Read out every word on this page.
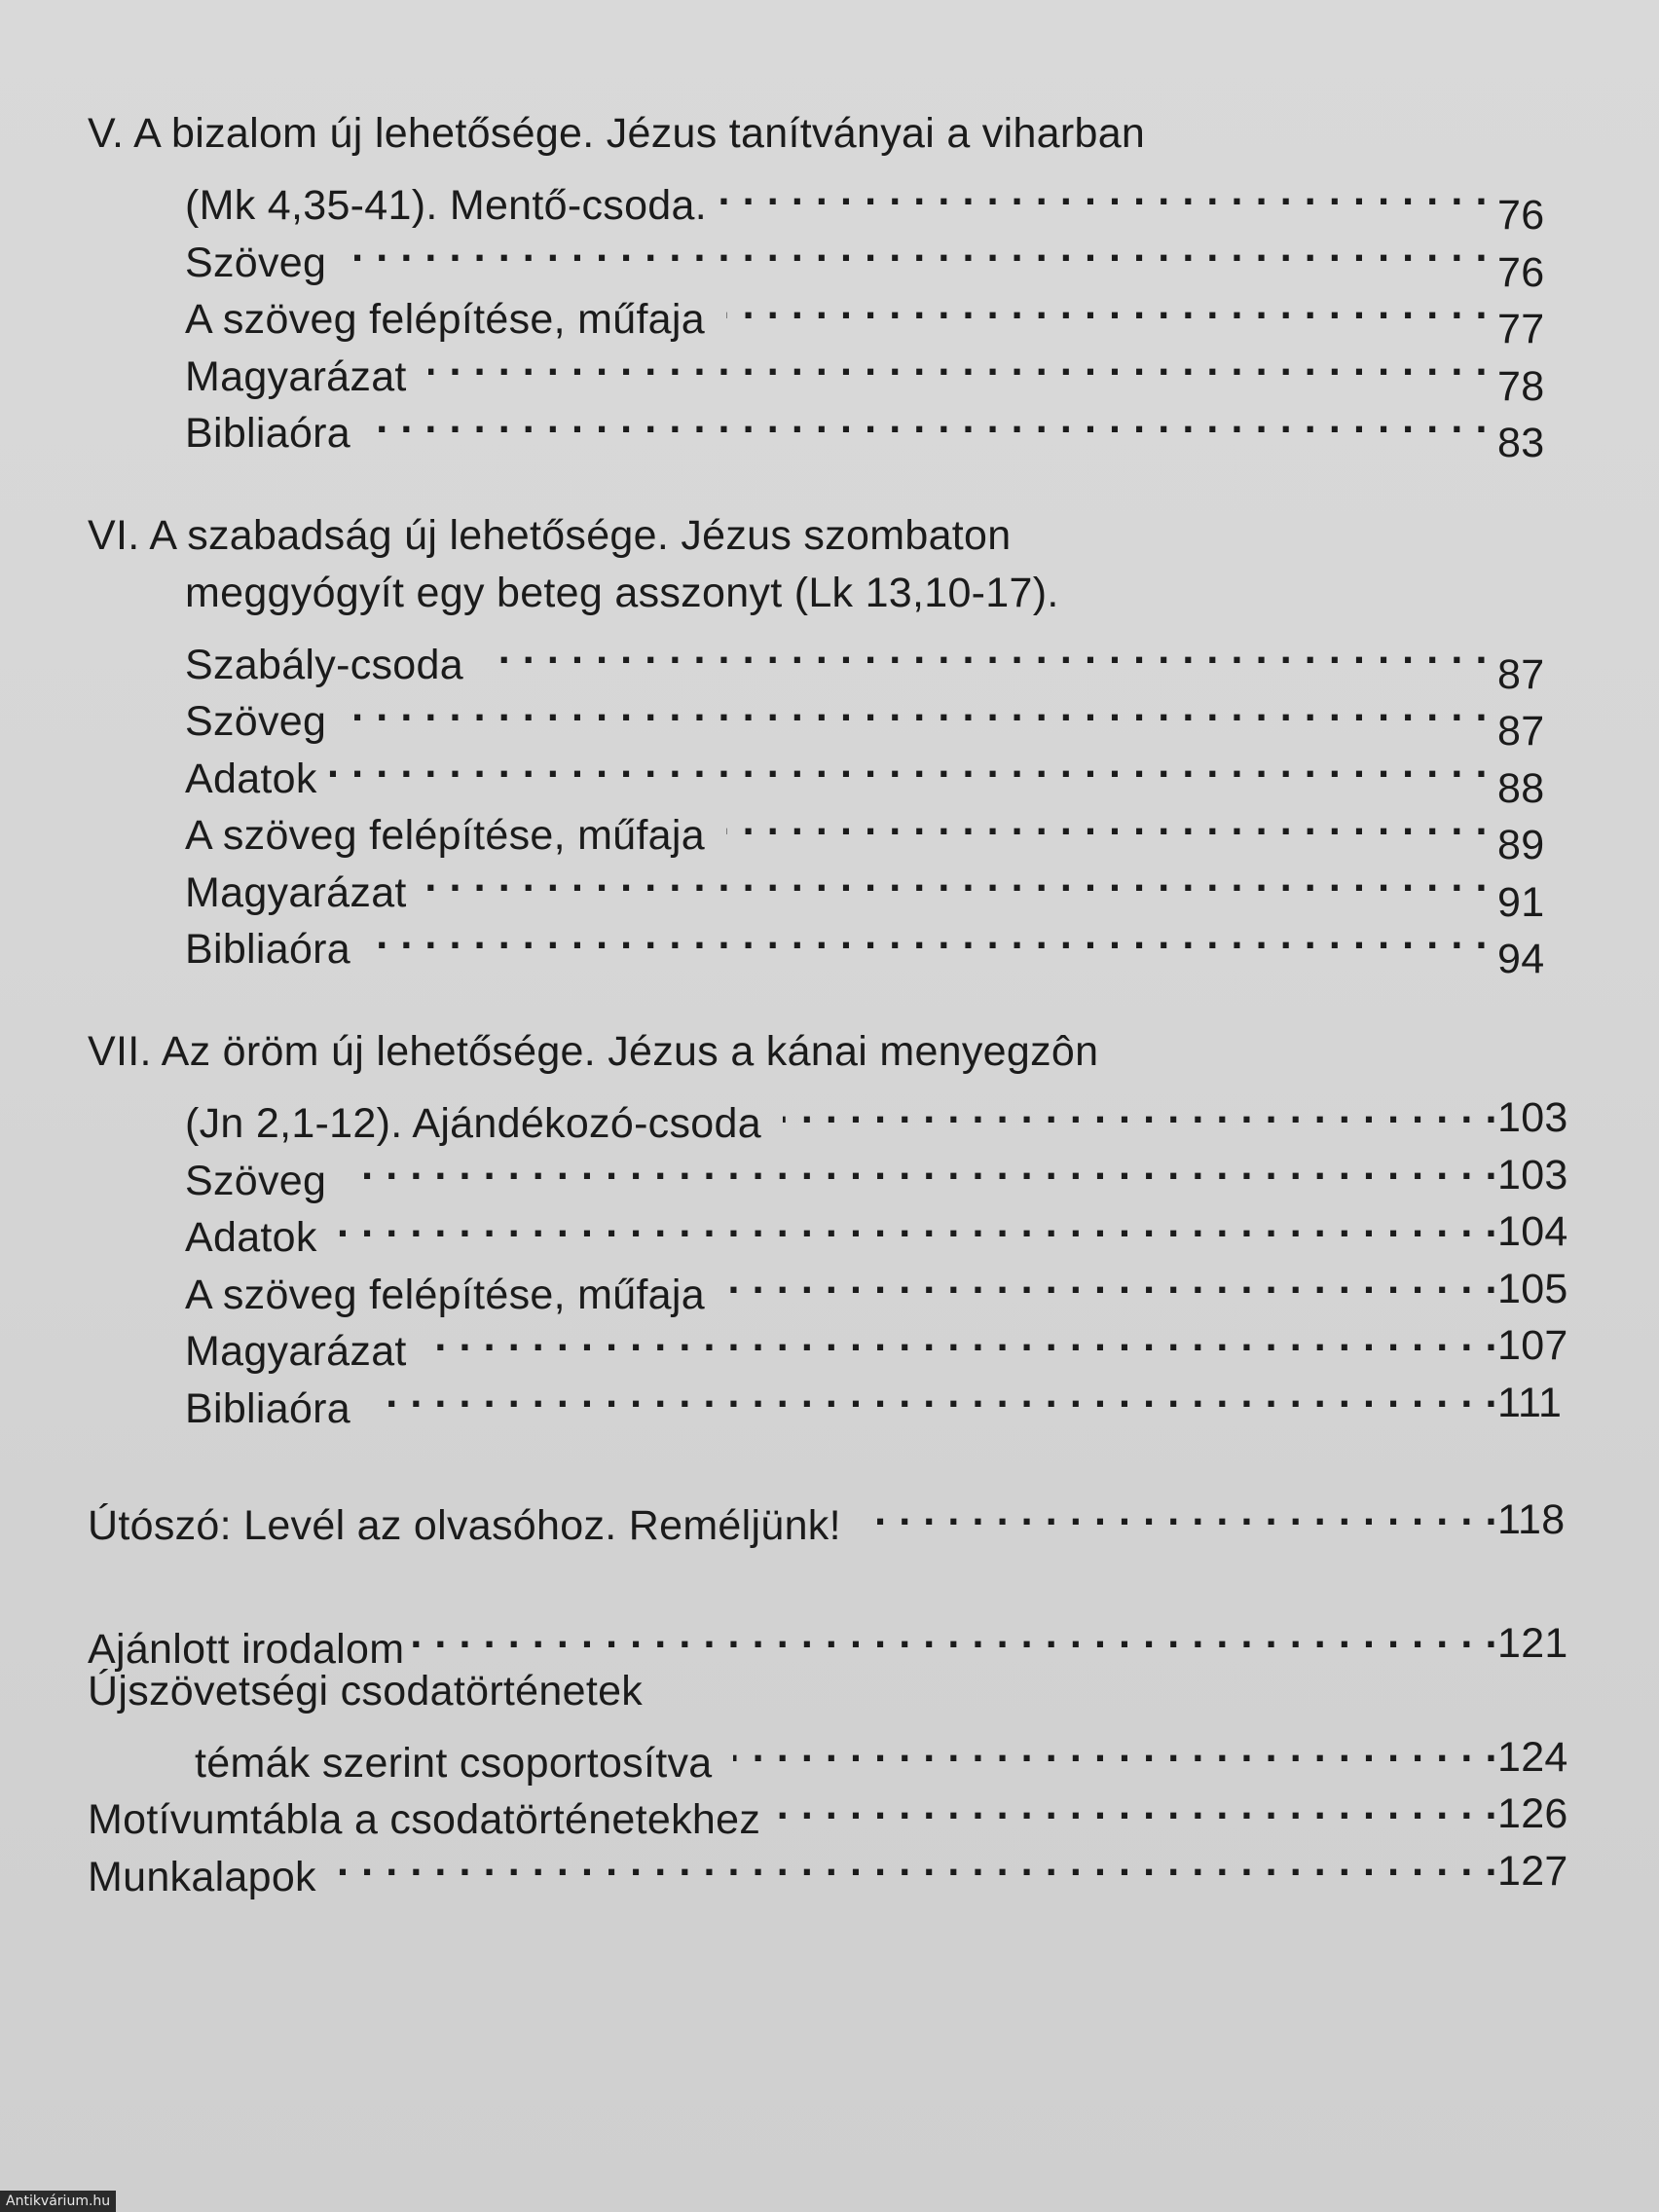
V. A bizalom új lehetősége. Jézus tanítványai a viharban
(Mk 4,35-41). Mentő-csoda. . . .	76
Szöveg . . .	76
A szöveg felépítése, műfaja . . .	77
Magyarázat . . .	78
Bibliaóra . . .	83
VI. A szabadság új lehetősége. Jézus szombaton
meggyógyít egy beteg asszonyt (Lk 13,10-17).
Szabály-csoda . . .	87
Szöveg . . .	87
Adatok . . .	88
A szöveg felépítése, műfaja . . .	89
Magyarázat . . .	91
Bibliaóra . . .	94
VII. Az öröm új lehetősége. Jézus a kánai menyegzôn
(Jn 2,1-12). Ajándékozó-csoda . . .	103
Szöveg . . .	103
Adatok . . .	104
A szöveg felépítése, műfaja . . .	105
Magyarázat . . .	107
Bibliaóra . . .	111
Útószó: Levél az olvasóhoz. Reméljünk! . . .	118
Ajánlott irodalom . . .	121
Újszövetségi csodatörténetek
témák szerint csoportosítva . . .	124
Motívumtábla a csodatörténetekhez . . .	126
Munkalapok . . .	127
Antikvárium.hu
